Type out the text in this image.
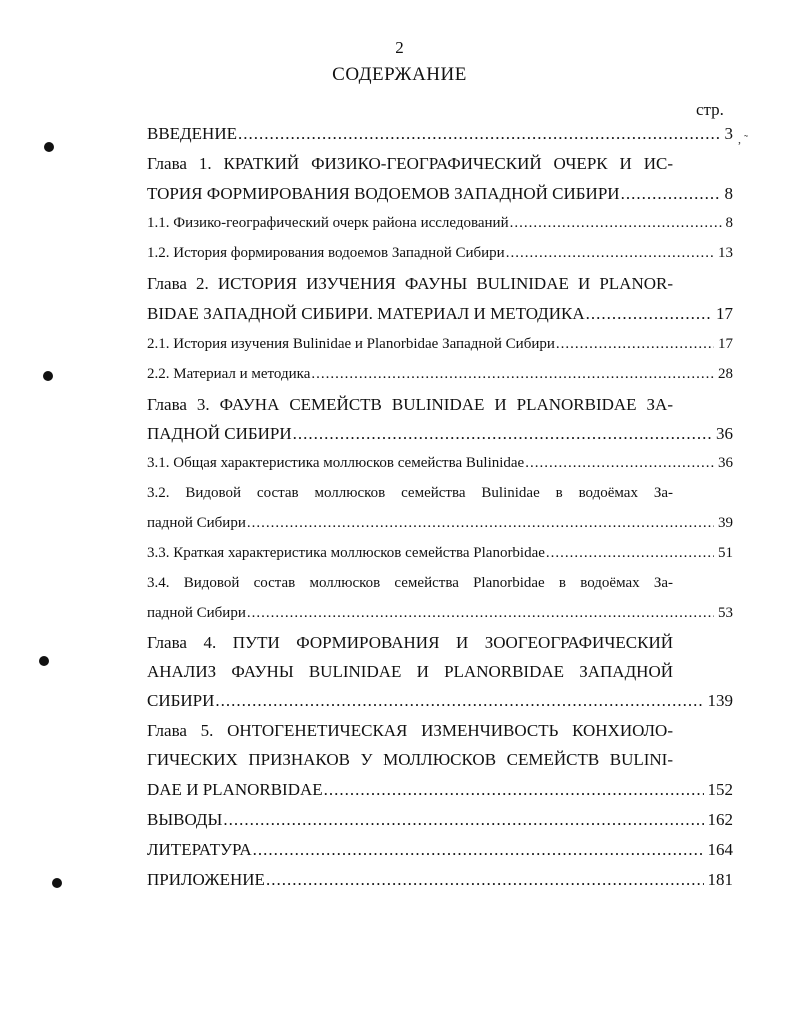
2
СОДЕРЖАНИЕ
стр.
, ˜
ВВЕДЕНИЕ .....	3
Глава 1. КРАТКИЙ ФИЗИКО-ГЕОГРАФИЧЕСКИЙ ОЧЕРК И ИС-
ТОРИЯ ФОРМИРОВАНИЯ ВОДОЕМОВ ЗАПАДНОЙ СИБИРИ .....	8
1.1. Физико-географический очерк района исследований .....	8
1.2. История формирования водоемов Западной Сибири .....	13
Глава 2. ИСТОРИЯ ИЗУЧЕНИЯ ФАУНЫ BULINIDAE И PLANOR-
BIDAE ЗАПАДНОЙ СИБИРИ. МАТЕРИАЛ И МЕТОДИКА .....	17
2.1. История изучения Bulinidae и Planorbidae Западной Сибири .....	17
2.2. Материал и методика .....	28
Глава 3. ФАУНА СЕМЕЙСТВ BULINIDAE И PLANORBIDAE ЗА-
ПАДНОЙ СИБИРИ .....	36
3.1. Общая характеристика моллюсков семейства Bulinidae .....	36
3.2. Видовой состав моллюсков семейства Bulinidae в водоёмах За-
падной Сибири .....	39
3.3. Краткая характеристика моллюсков семейства Planorbidae .....	51
3.4. Видовой состав моллюсков семейства Planorbidae в водоёмах За-
падной Сибири .....	53
Глава 4. ПУТИ ФОРМИРОВАНИЯ И ЗООГЕОГРАФИЧЕСКИЙ
АНАЛИЗ ФАУНЫ BULINIDAE И PLANORBIDAE ЗАПАДНОЙ
СИБИРИ .....	139
Глава 5. ОНТОГЕНЕТИЧЕСКАЯ ИЗМЕНЧИВОСТЬ КОНХИОЛО-
ГИЧЕСКИХ ПРИЗНАКОВ У МОЛЛЮСКОВ СЕМЕЙСТВ BULINI-
DAE И PLANORBIDAE .....	152
ВЫВОДЫ .....	162
ЛИТЕРАТУРА .....	164
ПРИЛОЖЕНИЕ .....	181
